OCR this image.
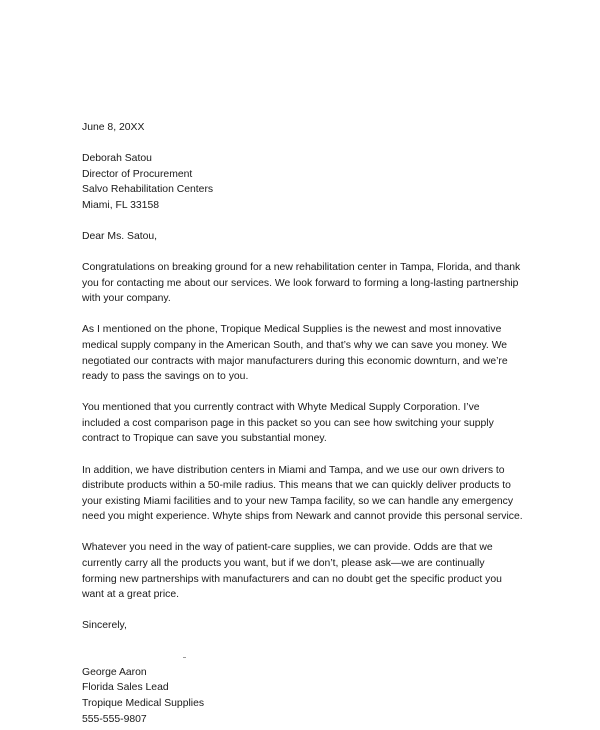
June 8, 20XX

Deborah Satou
Director of Procurement
Salvo Rehabilitation Centers
Miami, FL 33158

Dear Ms. Satou,

Congratulations on breaking ground for a new rehabilitation center in Tampa, Florida, and thank
you for contacting me about our services. We look forward to forming a long-lasting partnership
with your company.

As I mentioned on the phone, Tropique Medical Supplies is the newest and most innovative
medical supply company in the American South, and that’s why we can save you money. We
negotiated our contracts with major manufacturers during this economic downturn, and we’re
ready to pass the savings on to you.

You mentioned that you currently contract with Whyte Medical Supply Corporation. I’ve
included a cost comparison page in this packet so you can see how switching your supply
contract to Tropique can save you substantial money.

In addition, we have distribution centers in Miami and Tampa, and we use our own drivers to
distribute products within a 50-mile radius. This means that we can quickly deliver products to
your existing Miami facilities and to your new Tampa facility, so we can handle any emergency
need you might experience. Whyte ships from Newark and cannot provide this personal service.

Whatever you need in the way of patient-care supplies, we can provide. Odds are that we
currently carry all the products you want, but if we don’t, please ask—we are continually
forming new partnerships with manufacturers and can no doubt get the specific product you
want at a great price.

Sincerely,

George Aaron
Florida Sales Lead
Tropique Medical Supplies
555-555-9807
